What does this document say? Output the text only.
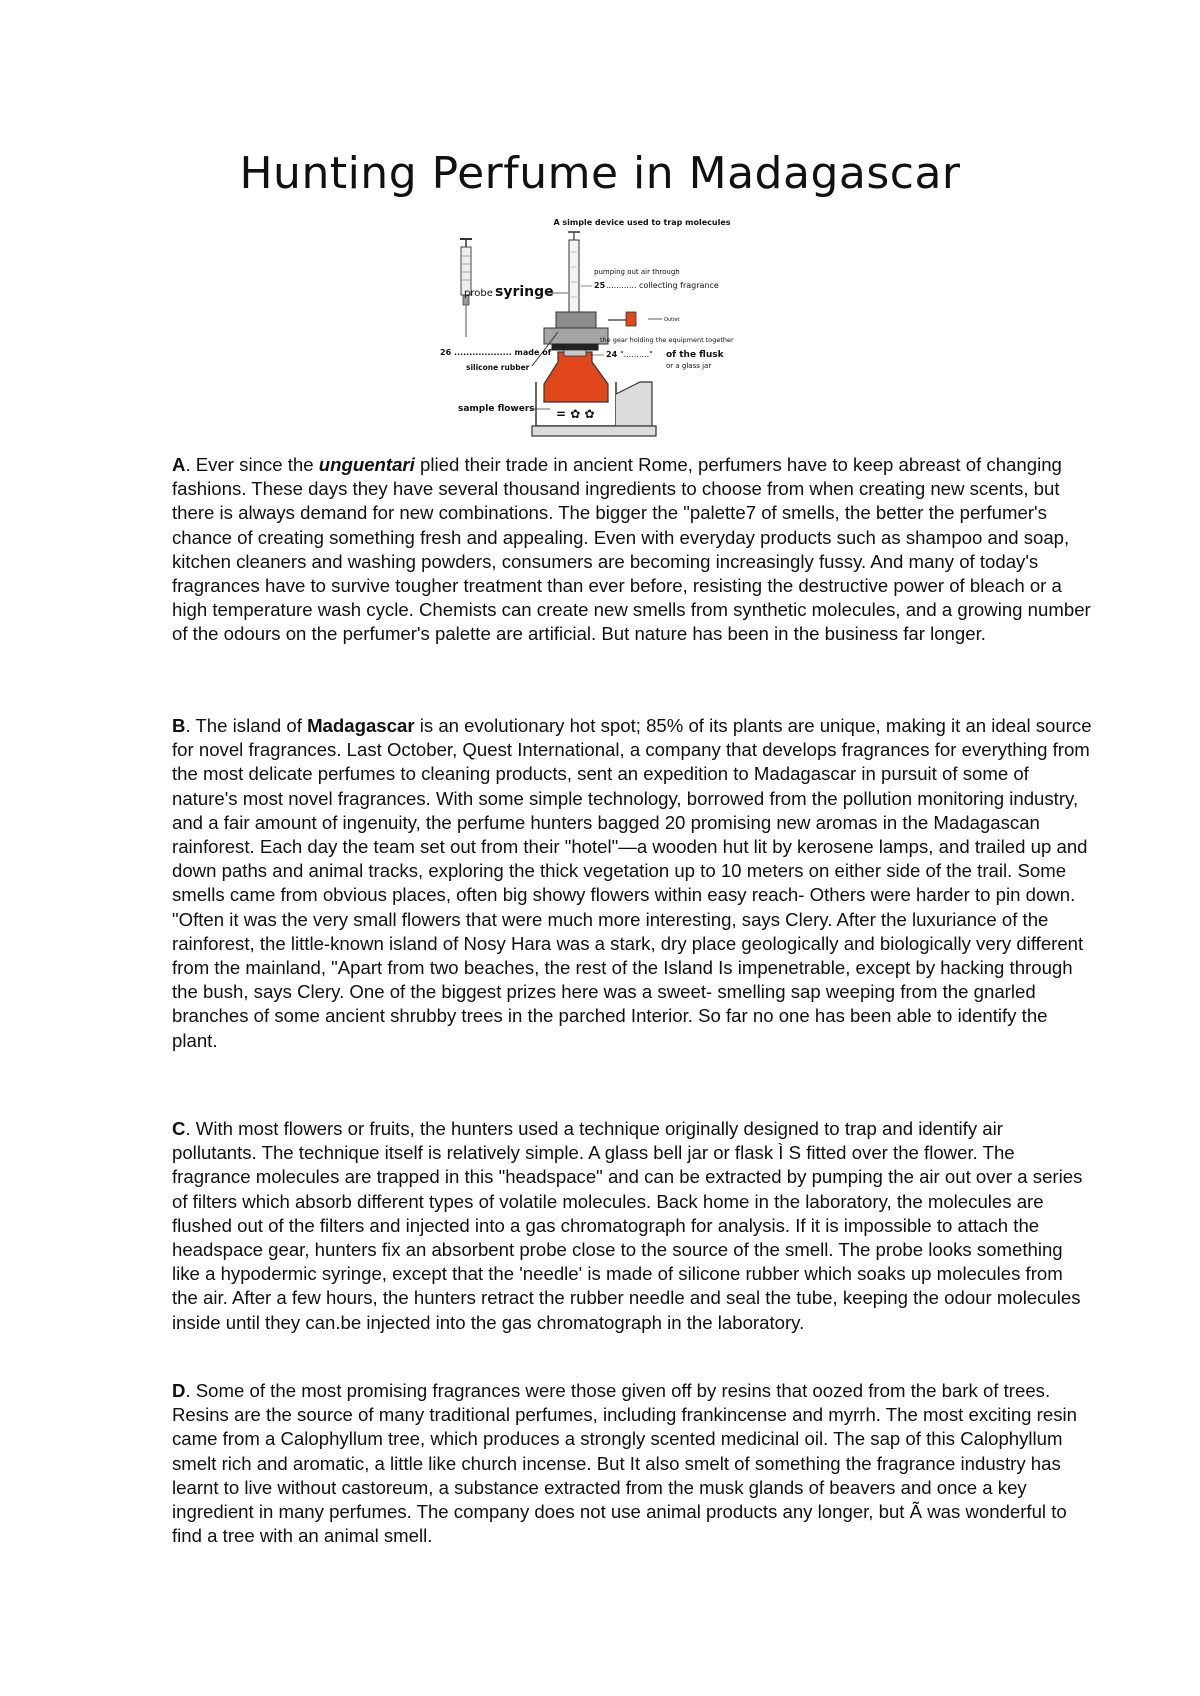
Hunting Perfume in Madagascar
A simple device used to trap molecules
probe syringe
Outlet
= ✿ ✿
pumping out air through
25 ............ collecting fragrance
the gear holding the equipment together
24 ".........." of the flusk
or a glass jar
26 ................... made of
silicone rubber
sample flowers

A. Ever since the unguentari plied their trade in ancient Rome, perfumers have to keep abreast of changing fashions. These days they have several thousand ingredients to choose from when creating new scents, but there is always demand for new combinations. The bigger the "palette7 of smells, the better the perfumer's chance of creating something fresh and appealing. Even with everyday products such as shampoo and soap, kitchen cleaners and washing powders, consumers are becoming increasingly fussy. And many of today's fragrances have to survive tougher treatment than ever before, resisting the destructive power of bleach or a high temperature wash cycle. Chemists can create new smells from synthetic molecules, and a growing number of the odours on the perfumer's palette are artificial. But nature has been in the business far longer.

B. The island of Madagascar is an evolutionary hot spot; 85% of its plants are unique, making it an ideal source for novel fragrances. Last October, Quest International, a company that develops fragrances for everything from the most delicate perfumes to cleaning products, sent an expedition to Madagascar in pursuit of some of nature's most novel fragrances. With some simple technology, borrowed from the pollution monitoring industry, and a fair amount of ingenuity, the perfume hunters bagged 20 promising new aromas in the Madagascan rainforest. Each day the team set out from their "hotel"—a wooden hut lit by kerosene lamps, and trailed up and down paths and animal tracks, exploring the thick vegetation up to 10 meters on either side of the trail. Some smells came from obvious places, often big showy flowers within easy reach- Others were harder to pin down. "Often it was the very small flowers that were much more interesting, says Clery. After the luxuriance of the rainforest, the little-known island of Nosy Hara was a stark, dry place geologically and biologically very different from the mainland, "Apart from two beaches, the rest of the Island Is impenetrable, except by hacking through the bush, says Clery. One of the biggest prizes here was a sweet- smelling sap weeping from the gnarled branches of some ancient shrubby trees in the parched Interior. So far no one has been able to identify the plant.

C. With most flowers or fruits, the hunters used a technique originally designed to trap and identify air pollutants. The technique itself is relatively simple. A glass bell jar or flask Ì S fitted over the flower. The fragrance molecules are trapped in this "headspace" and can be extracted by pumping the air out over a series of filters which absorb different types of volatile molecules. Back home in the laboratory, the molecules are flushed out of the filters and injected into a gas chromatograph for analysis. If it is impossible to attach the headspace gear, hunters fix an absorbent probe close to the source of the smell. The probe looks something like a hypodermic syringe, except that the 'needle' is made of silicone rubber which soaks up molecules from the air. After a few hours, the hunters retract the rubber needle and seal the tube, keeping the odour molecules inside until they can.be injected into the gas chromatograph in the laboratory.

D. Some of the most promising fragrances were those given off by resins that oozed from the bark of trees. Resins are the source of many traditional perfumes, including frankincense and myrrh. The most exciting resin came from a Calophyllum tree, which produces a strongly scented medicinal oil. The sap of this Calophyllum smelt rich and aromatic, a little like church incense. But It also smelt of something the fragrance industry has learnt to live without castoreum, a substance extracted from the musk glands of beavers and once a key ingredient in many perfumes. The company does not use animal products any longer, but Ã was wonderful to find a tree with an animal smell.
